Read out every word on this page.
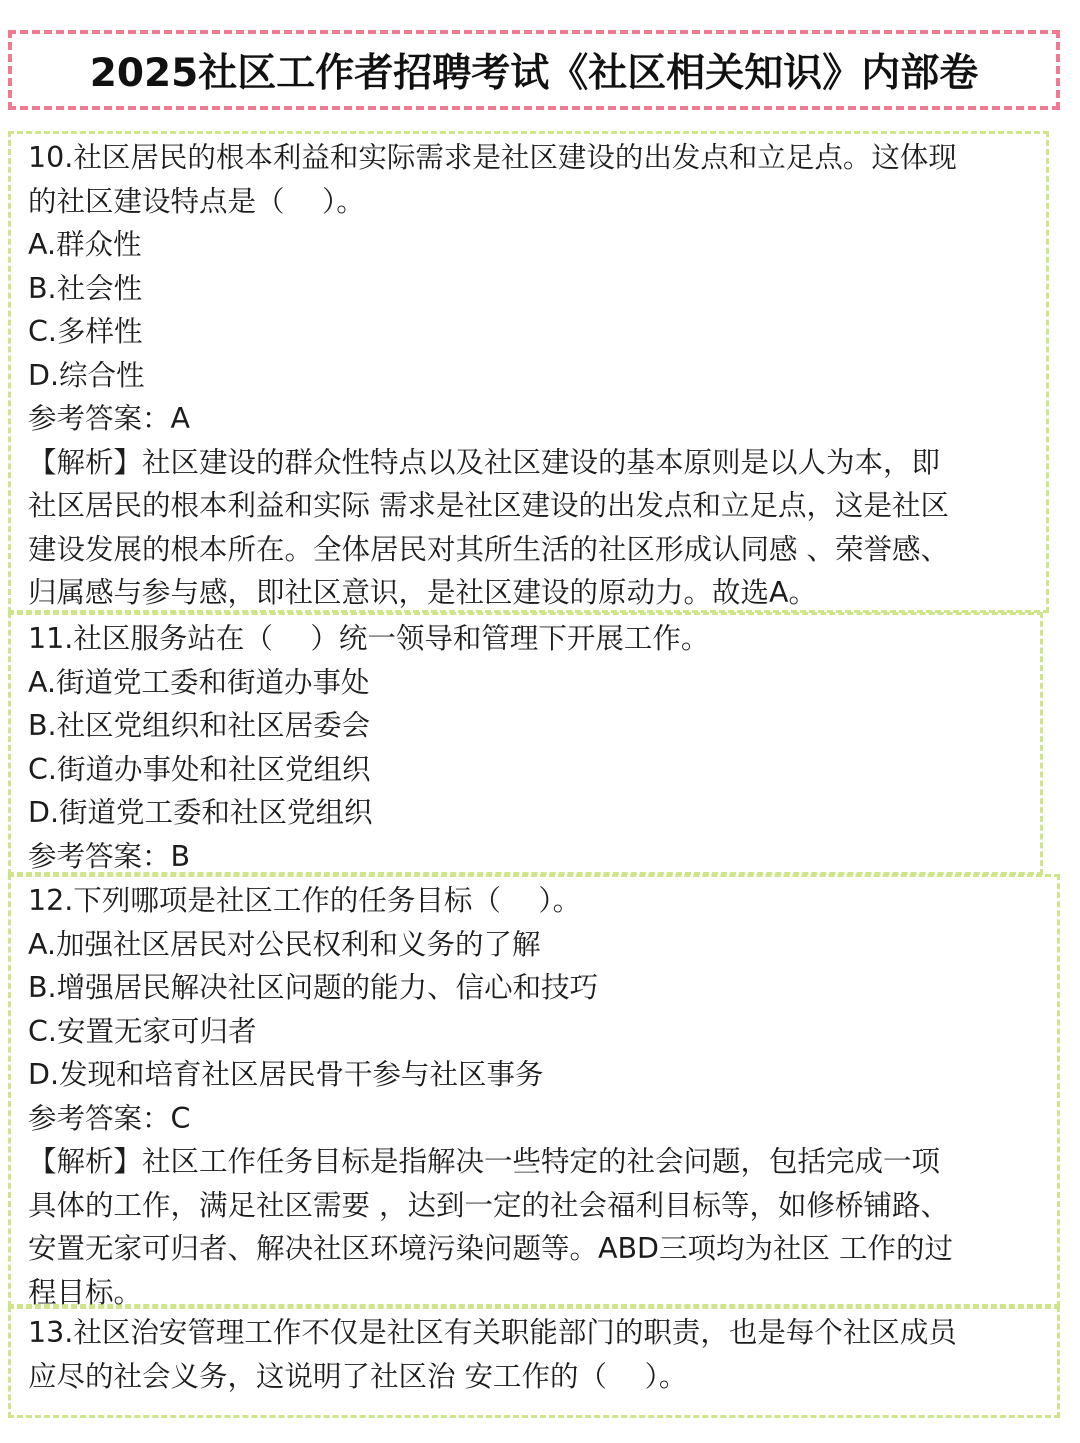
2025社区工作者招聘考试《社区相关知识》内部卷
10.社区居民的根本利益和实际需求是社区建设的出发点和立足点。这体现
的社区建设特点是（　 ）。
A.群众性
B.社会性
C.多样性
D.综合性
参考答案：A
【解析】社区建设的群众性特点以及社区建设的基本原则是以人为本，即
社区居民的根本利益和实际 需求是社区建设的出发点和立足点，这是社区
建设发展的根本所在。全体居民对其所生活的社区形成认同感 、荣誉感、
归属感与参与感，即社区意识，是社区建设的原动力。故选A。
11.社区服务站在（　 ）统一领导和管理下开展工作。
A.街道党工委和街道办事处
B.社区党组织和社区居委会
C.街道办事处和社区党组织
D.街道党工委和社区党组织
参考答案：B
12.下列哪项是社区工作的任务目标（　 ）。
A.加强社区居民对公民权利和义务的了解
B.增强居民解决社区问题的能力、信心和技巧
C.安置无家可归者
D.发现和培育社区居民骨干参与社区事务
参考答案：C
【解析】社区工作任务目标是指解决一些特定的社会问题，包括完成一项
具体的工作，满足社区需要 ，达到一定的社会福利目标等，如修桥铺路、
安置无家可归者、解决社区环境污染问题等。ABD三项均为社区 工作的过
程目标。
13.社区治安管理工作不仅是社区有关职能部门的职责，也是每个社区成员
应尽的社会义务，这说明了社区治 安工作的（　 ）。
